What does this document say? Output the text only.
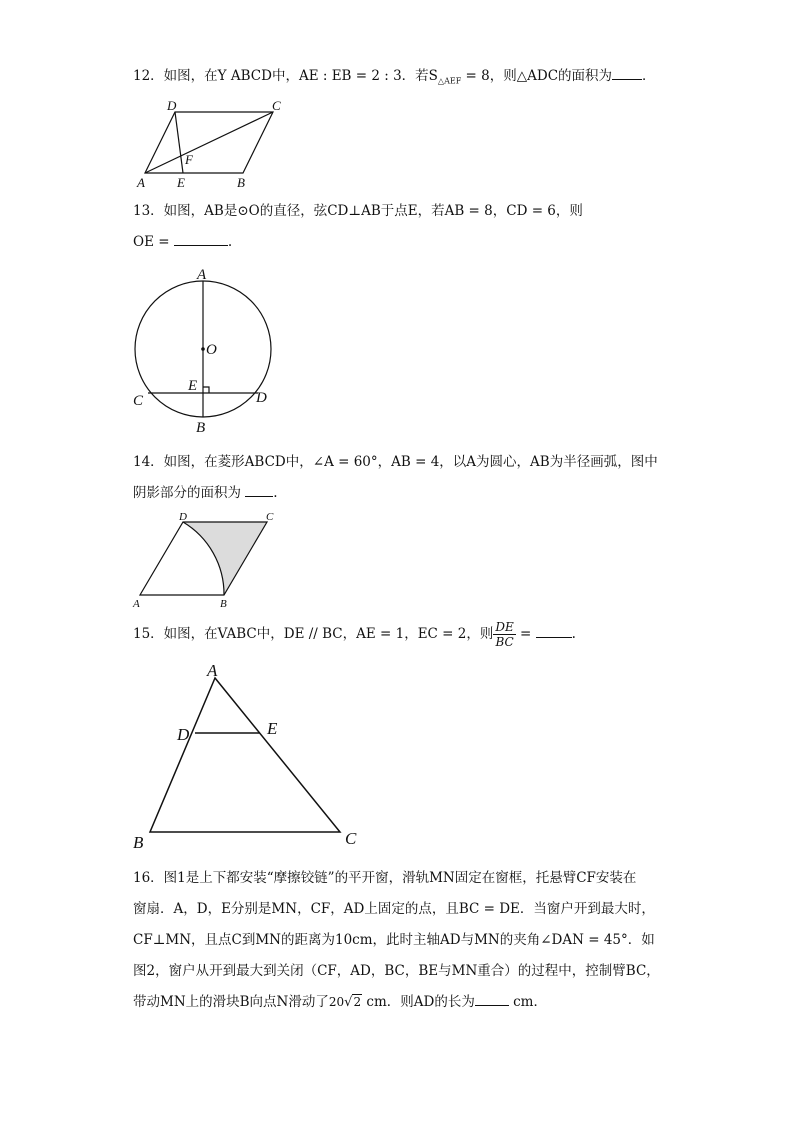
12．如图，在Y ABCD中，AE : EB = 2 : 3．若$S_{\triangle AEF} = 8$，则△ADC的面积为 ．
A	B
C
D
E
F
13．如图，AB是⊙O的直径，弦CD⊥AB于点E，若AB = 8，CD = 6，则
OE =	.
A
B
C	D
E
O
14．如图，在菱形ABCD中，∠A = 60°，AB = 4，以A为圆心，AB为半径画弧，图中
阴影部分的面积为 .
A	B
C
D
15．如图，在VABC中，DE // BC，AE = 1，EC = 2，则 $\frac{DE}{BC}$ =	.
A
B	C
D	E
16．图1是上下都安装“摩擦铰链”的平开窗，滑轨MN固定在窗框，托悬臂CF安装在
窗扇．A，D，E分别是MN，CF，AD上固定的点，且BC = DE．当窗户开到最大时，
CF⊥MN，且点C到MN的距离为10cm，此时主轴AD与MN的夹角∠DAN = 45°．如
图2，窗户从开到最大到关闭（CF，AD，BC，BE与MN重合）的过程中，控制臂BC，
带动MN上的滑块B向点N滑动了20√2 cm．则AD的长为	cm．
